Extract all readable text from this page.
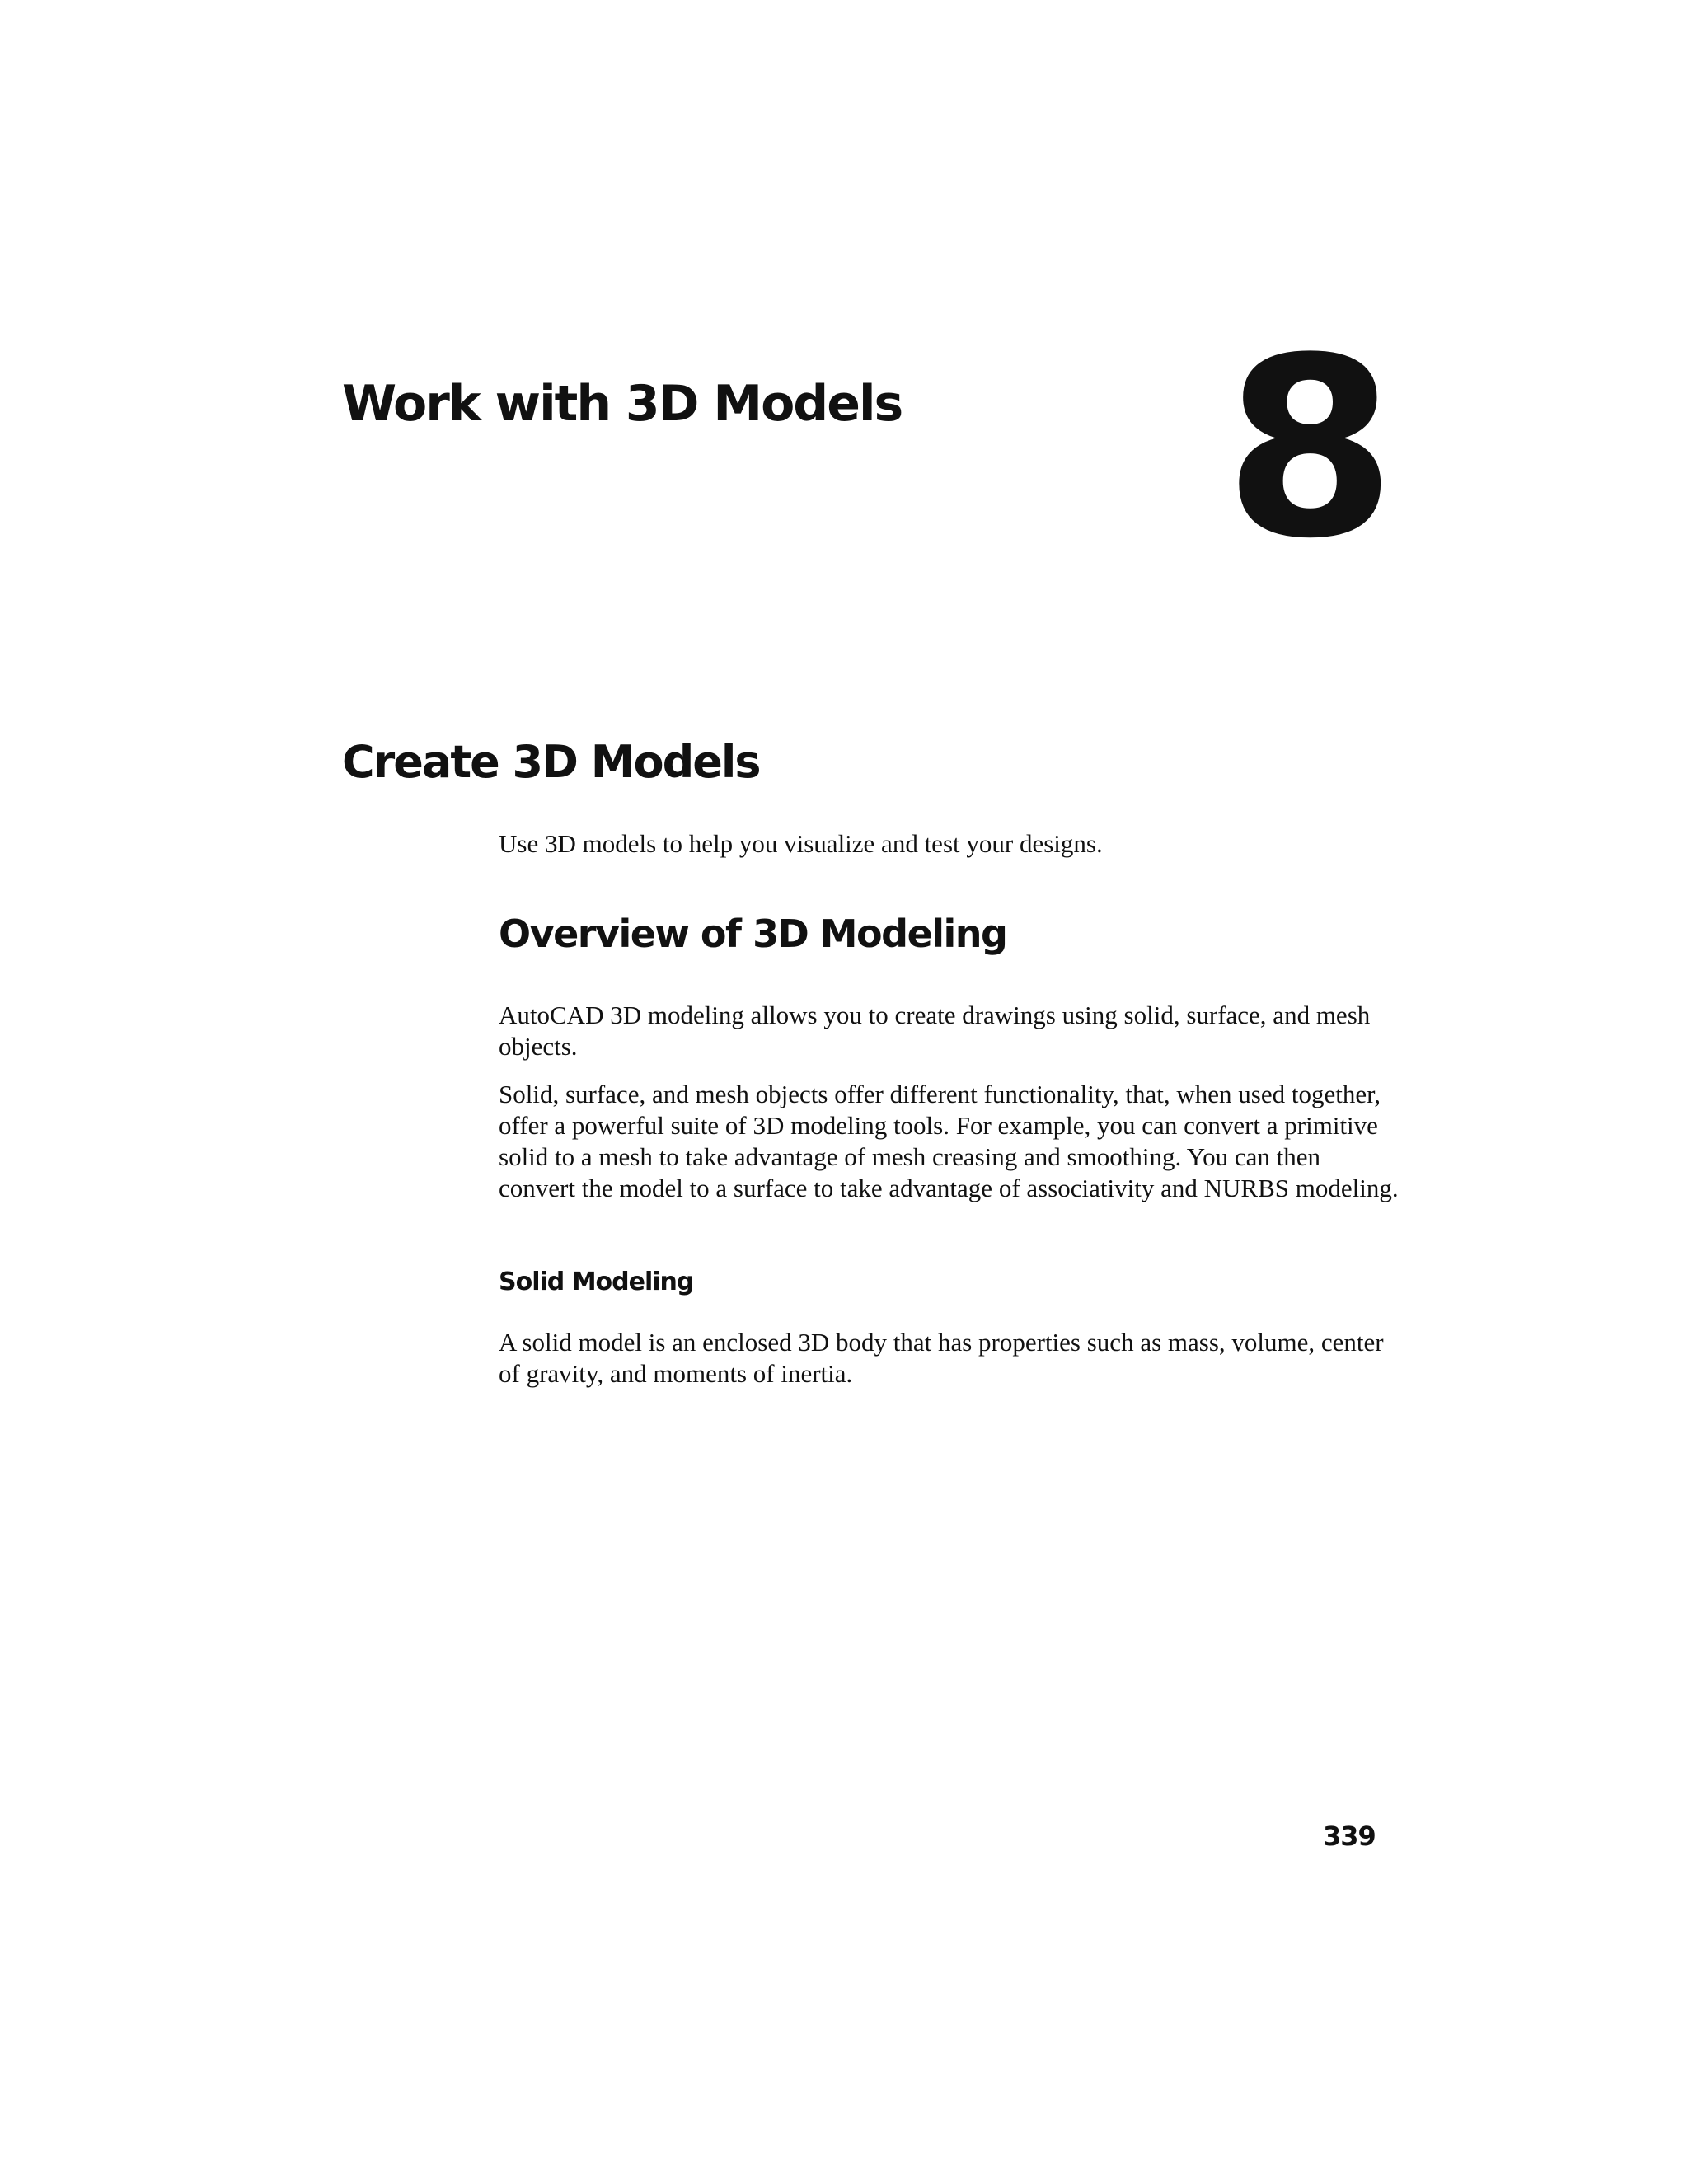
Work with 3D Models 8
Create 3D Models

Use 3D models to help you visualize and test your designs.

Overview of 3D Modeling

AutoCAD 3D modeling allows you to create drawings using solid, surface, and mesh objects.

Solid, surface, and mesh objects offer different functionality, that, when used together, offer a powerful suite of 3D modeling tools. For example, you can convert a primitive solid to a mesh to take advantage of mesh creasing and smoothing. You can then convert the model to a surface to take advantage of associativity and NURBS modeling.

Solid Modeling

A solid model is an enclosed 3D body that has properties such as mass, volume, center of gravity, and moments of inertia.

339
